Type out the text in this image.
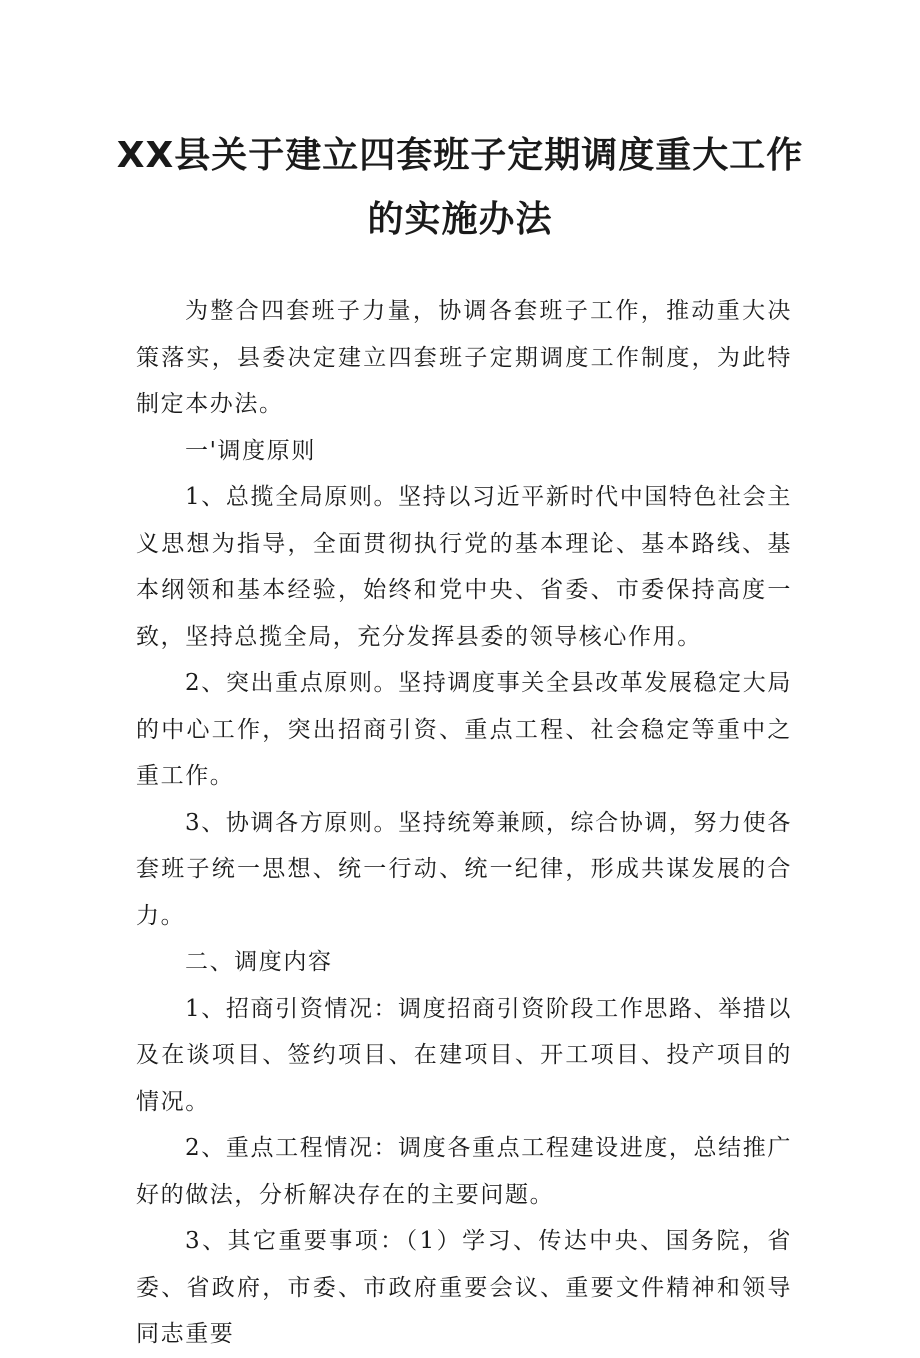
XX县关于建立四套班子定期调度重大工作
的实施办法

为整合四套班子力量，协调各套班子工作，推动重大决策落实，县委决定建立四套班子定期调度工作制度，为此特制定本办法。

一'调度原则

1、总揽全局原则。坚持以习近平新时代中国特色社会主义思想为指导，全面贯彻执行党的基本理论、基本路线、基本纲领和基本经验，始终和党中央、省委、市委保持高度一致，坚持总揽全局，充分发挥县委的领导核心作用。

2、突出重点原则。坚持调度事关全县改革发展稳定大局的中心工作，突出招商引资、重点工程、社会稳定等重中之重工作。

3、协调各方原则。坚持统筹兼顾，综合协调，努力使各套班子统一思想、统一行动、统一纪律，形成共谋发展的合力。

二、调度内容

1、招商引资情况：调度招商引资阶段工作思路、举措以及在谈项目、签约项目、在建项目、开工项目、投产项目的情况。

2、重点工程情况：调度各重点工程建设进度，总结推广好的做法，分析解决存在的主要问题。

3、其它重要事项：（1）学习、传达中央、国务院，省委、省政府，市委、市政府重要会议、重要文件精神和领导同志重要
